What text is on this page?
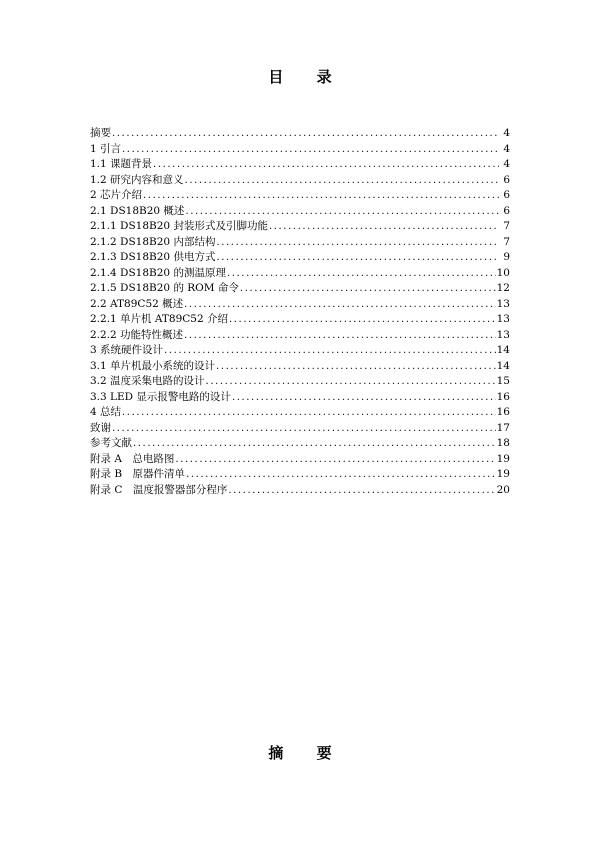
目 录
摘要 .....	4
1 引言 .....	4
1.1 课题背景 .....	4
1.2 研究内容和意义 .....	6
2 芯片介绍 .....	6
2.1 DS18B20 概述 .....	6
2.1.1 DS18B20 封装形式及引脚功能 .....	7
2.1.2 DS18B20 内部结构 .....	7
2.1.3 DS18B20 供电方式 .....	9
2.1.4 DS18B20 的测温原理 .....	10
2.1.5 DS18B20 的 ROM 命令 .....	12
2.2 AT89C52 概述 .....	13
2.2.1 单片机 AT89C52 介绍 .....	13
2.2.2 功能特性概述 .....	13
3 系统硬件设计 .....	14
3.1 单片机最小系统的设计 .....	14
3.2 温度采集电路的设计 .....	15
3.3 LED 显示报警电路的设计 .....	16
4 总结 .....	16
致谢 .....	17
参考文献 .....	18
附录 A　总电路图 .....	19
附录 B　原器件清单 .....	19
附录 C　温度报警器部分程序 .....	20
摘 要
